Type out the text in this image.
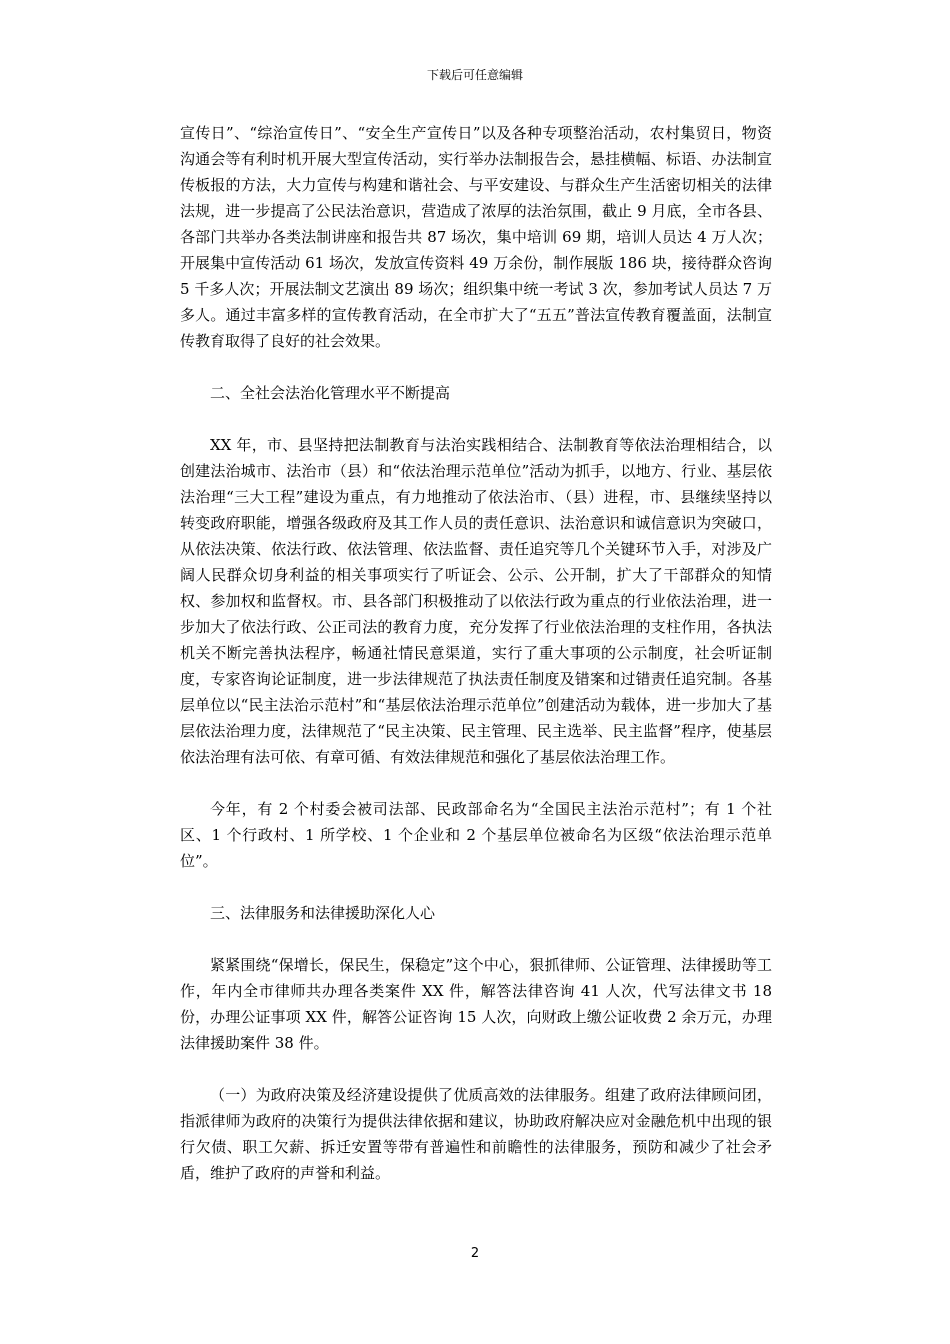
下载后可任意编辑

宣传日”、“综治宣传日”、“安全生产宣传日”以及各种专项整治活动，农村集贸日，物资沟通会等有利时机开展大型宣传活动，实行举办法制报告会，悬挂横幅、标语、办法制宣传板报的方法，大力宣传与构建和谐社会、与平安建设、与群众生产生活密切相关的法律法规，进一步提高了公民法治意识，营造成了浓厚的法治氛围，截止 9 月底，全市各县、各部门共举办各类法制讲座和报告共 87 场次，集中培训 69 期，培训人员达 4 万人次；开展集中宣传活动 61 场次，发放宣传资料 49 万余份，制作展版 186 块，接待群众咨询 5 千多人次；开展法制文艺演出 89 场次；组织集中统一考试 3 次，参加考试人员达 7 万多人。通过丰富多样的宣传教育活动，在全市扩大了“五五”普法宣传教育覆盖面，法制宣传教育取得了良好的社会效果。

二、全社会法治化管理水平不断提高

XX 年，市、县坚持把法制教育与法治实践相结合、法制教育等依法治理相结合，以创建法治城市、法治市（县）和“依法治理示范单位”活动为抓手，以地方、行业、基层依法治理“三大工程”建设为重点，有力地推动了依法治市、（县）进程，市、县继续坚持以转变政府职能，增强各级政府及其工作人员的责任意识、法治意识和诚信意识为突破口，从依法决策、依法行政、依法管理、依法监督、责任追究等几个关键环节入手，对涉及广阔人民群众切身利益的相关事项实行了听证会、公示、公开制，扩大了干部群众的知情权、参加权和监督权。市、县各部门积极推动了以依法行政为重点的行业依法治理，进一步加大了依法行政、公正司法的教育力度，充分发挥了行业依法治理的支柱作用，各执法机关不断完善执法程序，畅通社情民意渠道，实行了重大事项的公示制度，社会听证制度，专家咨询论证制度，进一步法律规范了执法责任制度及错案和过错责任追究制。各基层单位以“民主法治示范村”和“基层依法治理示范单位”创建活动为载体，进一步加大了基层依法治理力度，法律规范了“民主决策、民主管理、民主选举、民主监督”程序，使基层依法治理有法可依、有章可循、有效法律规范和强化了基层依法治理工作。

今年，有 2 个村委会被司法部、民政部命名为“全国民主法治示范村”；有 1 个社区、1 个行政村、1 所学校、1 个企业和 2 个基层单位被命名为区级“依法治理示范单位”。

三、法律服务和法律援助深化人心

紧紧围绕“保增长，保民生，保稳定”这个中心，狠抓律师、公证管理、法律援助等工作，年内全市律师共办理各类案件 XX 件，解答法律咨询 41 人次，代写法律文书 18 份，办理公证事项 XX 件，解答公证咨询 15 人次，向财政上缴公证收费 2 余万元，办理法律援助案件 38 件。

（一）为政府决策及经济建设提供了优质高效的法律服务。组建了政府法律顾问团，指派律师为政府的决策行为提供法律依据和建议，协助政府解决应对金融危机中出现的银行欠债、职工欠薪、拆迁安置等带有普遍性和前瞻性的法律服务，预防和减少了社会矛盾，维护了政府的声誉和利益。

2
